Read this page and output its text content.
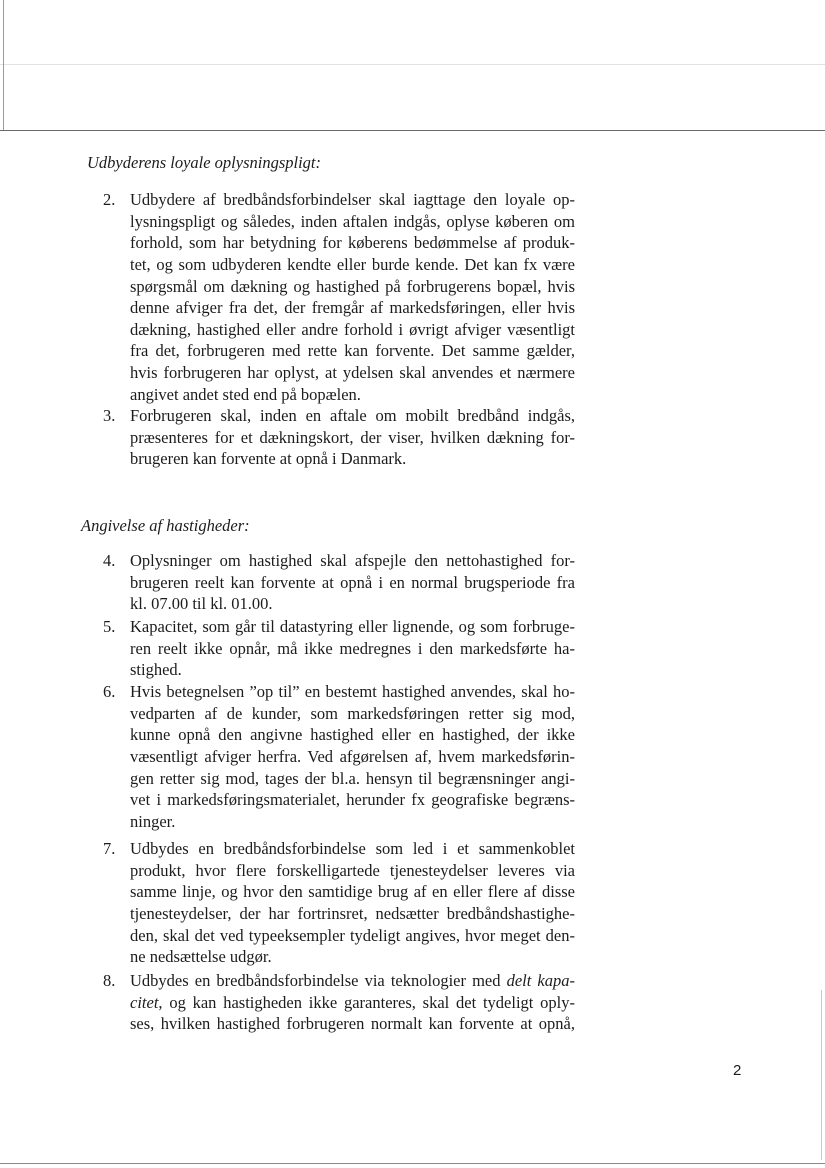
Udbyderens loyale oplysningspligt:

2. Udbydere af bredbåndsforbindelser skal iagttage den loyale op-
lysningspligt og således, inden aftalen indgås, oplyse køberen om
forhold, som har betydning for køberens bedømmelse af produk-
tet, og som udbyderen kendte eller burde kende. Det kan fx være
spørgsmål om dækning og hastighed på forbrugerens bopæl, hvis
denne afviger fra det, der fremgår af markedsføringen, eller hvis
dækning, hastighed eller andre forhold i øvrigt afviger væsentligt
fra det, forbrugeren med rette kan forvente. Det samme gælder,
hvis forbrugeren har oplyst, at ydelsen skal anvendes et nærmere
angivet andet sted end på bopælen.
3. Forbrugeren skal, inden en aftale om mobilt bredbånd indgås,
præsenteres for et dækningskort, der viser, hvilken dækning for-
brugeren kan forvente at opnå i Danmark.

Angivelse af hastigheder:

4. Oplysninger om hastighed skal afspejle den nettohastighed for-
brugeren reelt kan forvente at opnå i en normal brugsperiode fra
kl. 07.00 til kl. 01.00.
5. Kapacitet, som går til datastyring eller lignende, og som forbruge-
ren reelt ikke opnår, må ikke medregnes i den markedsførte ha-
stighed.
6. Hvis betegnelsen ”op til” en bestemt hastighed anvendes, skal ho-
vedparten af de kunder, som markedsføringen retter sig mod,
kunne opnå den angivne hastighed eller en hastighed, der ikke
væsentligt afviger herfra. Ved afgørelsen af, hvem markedsførin-
gen retter sig mod, tages der bl.a. hensyn til begrænsninger angi-
vet i markedsføringsmaterialet, herunder fx geografiske begræns-
ninger.
7. Udbydes en bredbåndsforbindelse som led i et sammenkoblet
produkt, hvor flere forskelligartede tjenesteydelser leveres via
samme linje, og hvor den samtidige brug af en eller flere af disse
tjenesteydelser, der har fortrinsret, nedsætter bredbåndshastighe-
den, skal det ved typeeksempler tydeligt angives, hvor meget den-
ne nedsættelse udgør.
8. Udbydes en bredbåndsforbindelse via teknologier med delt kapa-
citet, og kan hastigheden ikke garanteres, skal det tydeligt oply-
ses, hvilken hastighed forbrugeren normalt kan forvente at opnå,
2
